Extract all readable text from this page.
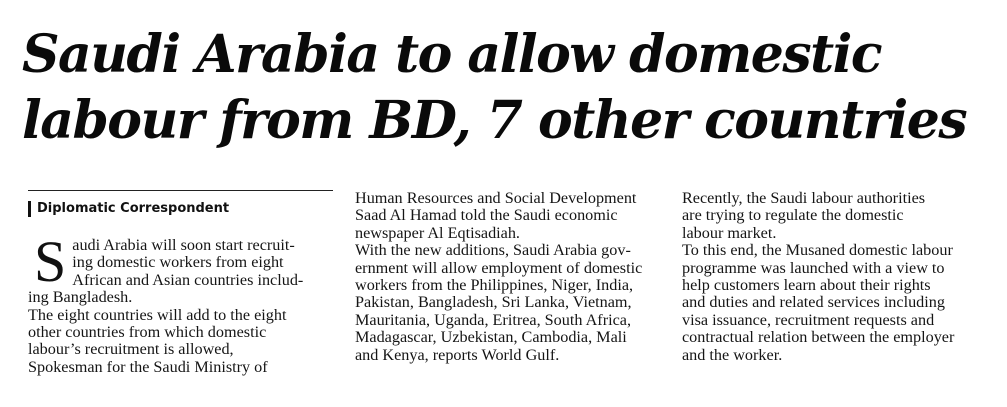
Saudi Arabia to allow domestic
labour from BD, 7 other countries
Diplomatic Correspondent
S audi Arabia will soon start recruit-
ing domestic workers from eight
African and Asian countries includ-
ing Bangladesh.
The eight countries will add to the eight
other countries from which domestic
labour’s recruitment is allowed,
Spokesman for the Saudi Ministry of
Human Resources and Social Development
Saad Al Hamad told the Saudi economic
newspaper Al Eqtisadiah.
With the new additions, Saudi Arabia gov-
ernment will allow employment of domestic
workers from the Philippines, Niger, India,
Pakistan, Bangladesh, Sri Lanka, Vietnam,
Mauritania, Uganda, Eritrea, South Africa,
Madagascar, Uzbekistan, Cambodia, Mali
and Kenya, reports World Gulf.
Recently, the Saudi labour authorities
are trying to regulate the domestic
labour market.
To this end, the Musaned domestic labour
programme was launched with a view to
help customers learn about their rights
and duties and related services including
visa issuance, recruitment requests and
contractual relation between the employer
and the worker.
